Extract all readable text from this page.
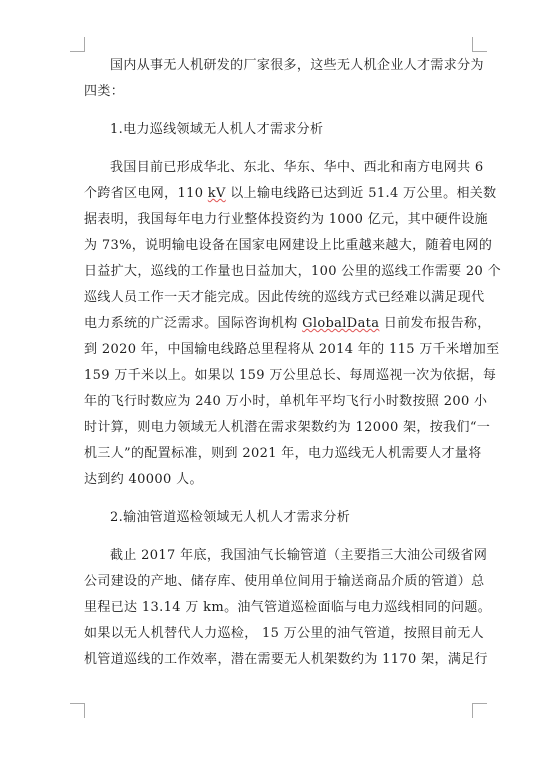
国内从事无人机研发的厂家很多，这些无人机企业人才需求分为
四类：
1.电力巡线领域无人机人才需求分析
我国目前已形成华北、东北、华东、华中、西北和南方电网共 6
个跨省区电网，110 kV 以上输电线路已达到近 51.4 万公里。相关数
据表明，我国每年电力行业整体投资约为 1000 亿元，其中硬件设施
为 73%，说明输电设备在国家电网建设上比重越来越大，随着电网的
日益扩大，巡线的工作量也日益加大，100 公里的巡线工作需要 20 个
巡线人员工作一天才能完成。因此传统的巡线方式已经难以满足现代
电力系统的广泛需求。国际咨询机构 GlobalData 日前发布报告称，
到 2020 年，中国输电线路总里程将从 2014 年的 115 万千米增加至
159 万千米以上。如果以 159 万公里总长、每周巡视一次为依据，每
年的飞行时数应为 240 万小时，单机年平均飞行小时数按照 200 小
时计算，则电力领域无人机潜在需求架数约为 12000 架，按我们“一
机三人”的配置标准，则到 2021 年，电力巡线无人机需要人才量将
达到约 40000 人。
2.输油管道巡检领域无人机人才需求分析
截止 2017 年底，我国油气长输管道（主要指三大油公司级省网
公司建设的产地、储存库、使用单位间用于输送商品介质的管道）总
里程已达 13.14 万 km。油气管道巡检面临与电力巡线相同的问题。
如果以无人机替代人力巡检， 15 万公里的油气管道，按照目前无人
机管道巡线的工作效率，潜在需要无人机架数约为 1170 架，满足行
